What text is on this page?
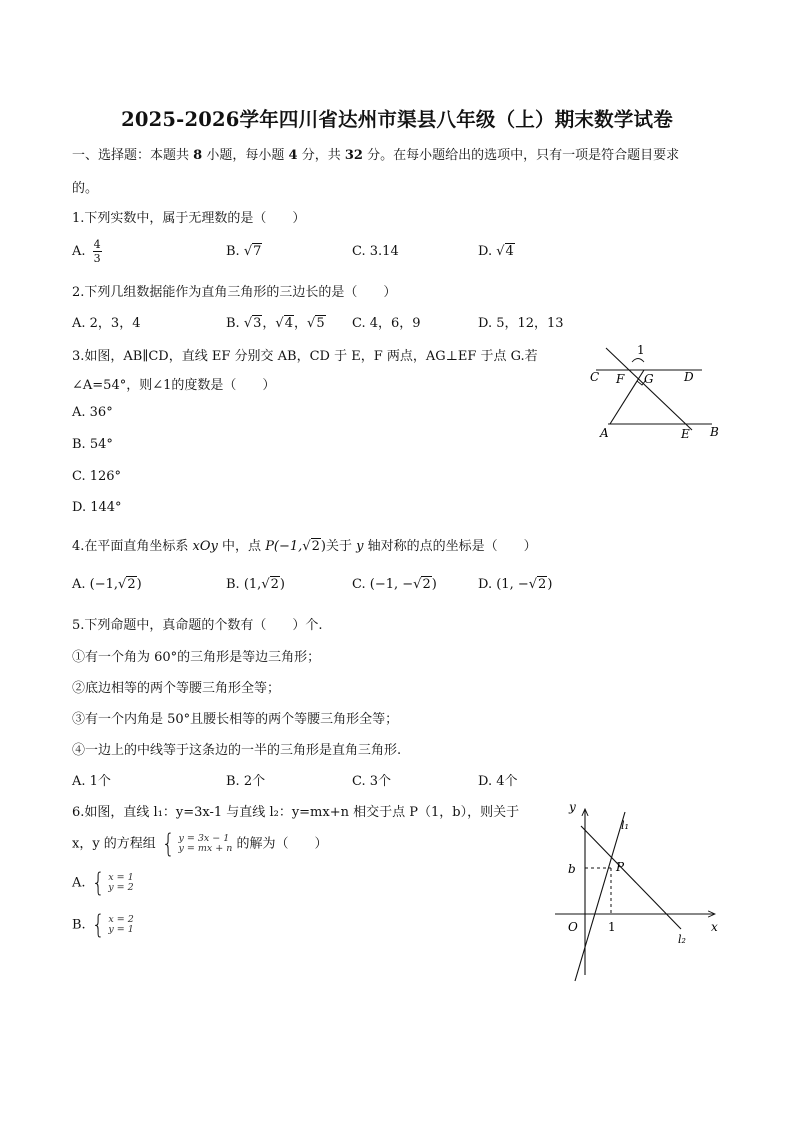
2025-2026学年四川省达州市渠县八年级（上）期末数学试卷
一、选择题：本题共 8 小题，每小题 4 分，共 32 分。在每小题给出的选项中，只有一项是符合题目要求
的。
1.下列实数中，属于无理数的是（　　）
A. $\frac{4}{3}$	B. √7	C. 3.14	D. √4
2.下列几组数据能作为直角三角形的三边长的是（　　）
A. 2，3，4	B. √3，√4，√5 C. 4，6，9	D. 5，12，13
3.如图，AB∥CD，直线 EF 分别交 AB，CD 于 E，F 两点，AG⊥EF 于点 G.若
∠A=54°，则∠1的度数是（　　）
A. 36°
B. 54°
C. 126°
D. 144°
1
C F G	D
A	E B
4.在平面直角坐标系 xOy 中，点 P(−1,√2)关于 y 轴对称的点的坐标是（　　）
A. (−1,√2)	B. (1,√2)	C. (−1, −√2)	D. (1, −√2)
5.下列命题中，真命题的个数有（　　）个.
①有一个角为 60°的三角形是等边三角形；
②底边相等的两个等腰三角形全等；
③有一个内角是 50°且腰长相等的两个等腰三角形全等；
④一边上的中线等于这条边的一半的三角形是直角三角形.
A. 1个	B. 2个	C. 3个	D. 4个
6.如图，直线 l₁：y=3x-1 与直线 l₂：y=mx+n 相交于点 P（1，b），则关于
x，y 的方程组 { y = 3x − 1
y = mx + n 的解为（　　）
A. { x = 1
y = 2
B. { x = 2
y = 1
y
x
O
b
1
P
l₁
l₂
